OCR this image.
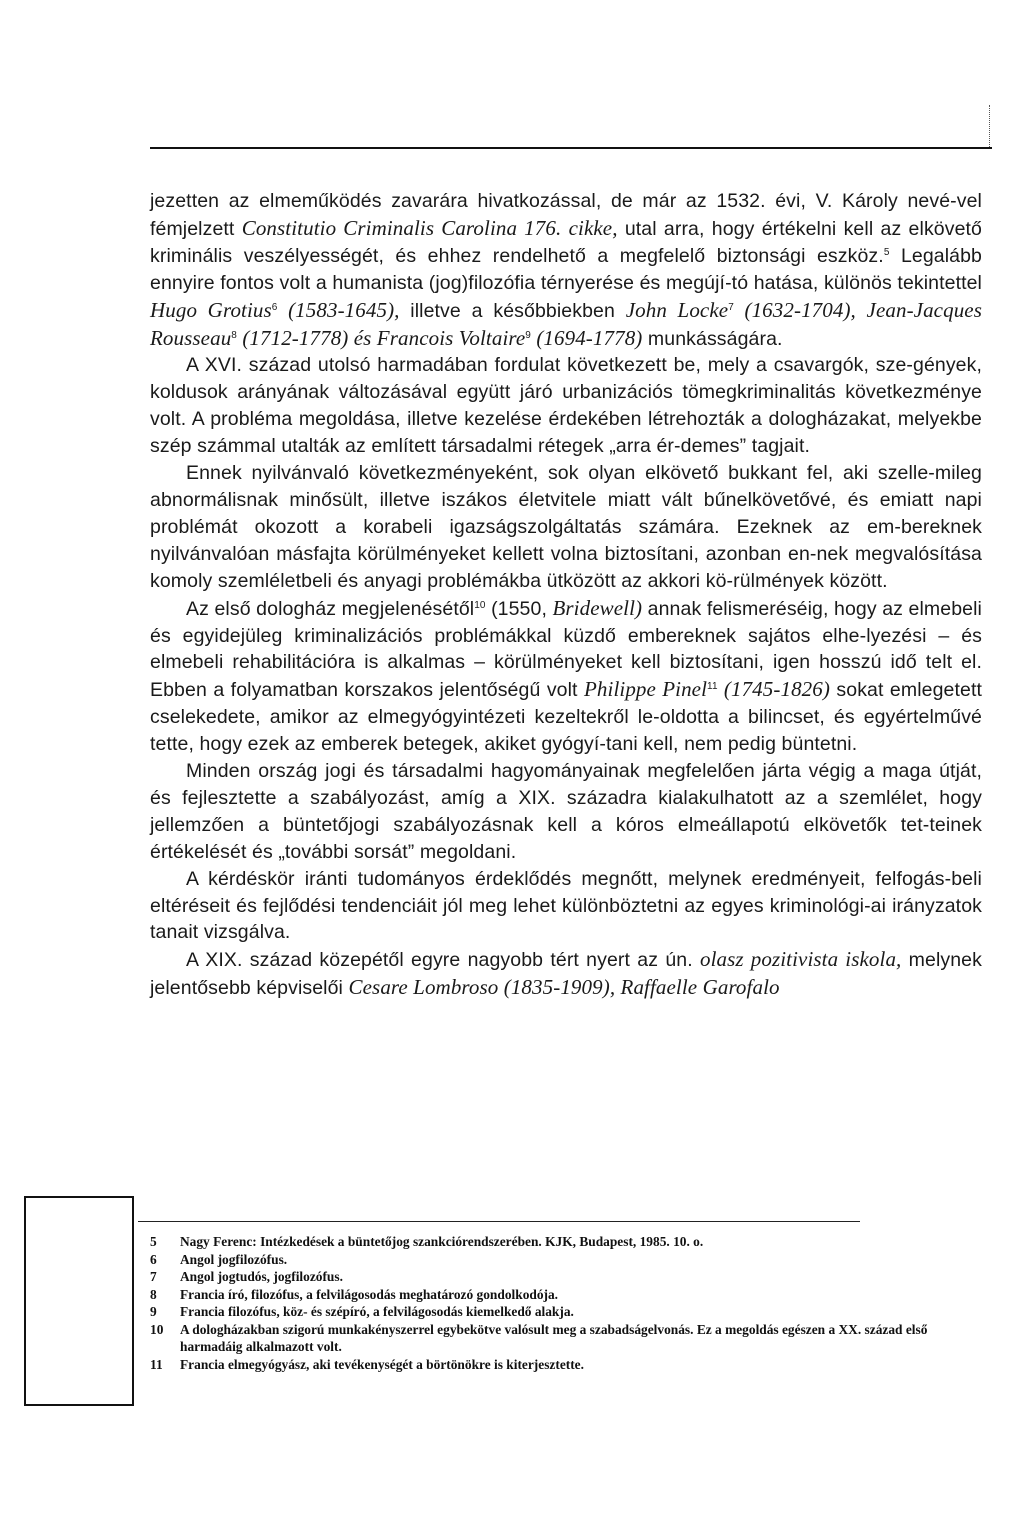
jezetten az elmeműködés zavarára hivatkozással, de már az 1532. évi, V. Károly nevé-vel fémjelzett Constitutio Criminalis Carolina 176. cikke, utal arra, hogy értékelni kell az elkövető kriminális veszélyességét, és ehhez rendelhető a megfelelő biztonsági eszköz.$^5$ Legalább ennyire fontos volt a humanista (jog)filozófia térnyerése és megújí-tó hatása, különös tekintettel Hugo Grotius$^6$ (1583-1645), illetve a későbbiekben John Locke$^7$ (1632-1704), Jean-Jacques Rousseau$^8$ (1712-1778) és Francois Voltaire$^9$ (1694-1778) munkásságára.

A XVI. század utolsó harmadában fordulat következett be, mely a csavargók, sze-gények, koldusok arányának változásával együtt járó urbanizációs tömegkriminalitás következménye volt. A probléma megoldása, illetve kezelése érdekében létrehozták a dologházakat, melyekbe szép számmal utalták az említett társadalmi rétegek „arra ér-demes” tagjait.

Ennek nyilvánvaló következményeként, sok olyan elkövető bukkant fel, aki szelle-mileg abnormálisnak minősült, illetve iszákos életvitele miatt vált bűnelkövetővé, és emiatt napi problémát okozott a korabeli igazságszolgáltatás számára. Ezeknek az em-bereknek nyilvánvalóan másfajta körülményeket kellett volna biztosítani, azonban en-nek megvalósítása komoly szemléletbeli és anyagi problémákba ütközött az akkori kö-rülmények között.

Az első dologház megjelenésétől$^{10}$ (1550, Bridewell) annak felismeréséig, hogy az elmebeli és egyidejüleg kriminalizációs problémákkal küzdő embereknek sajátos elhe-lyezési – és elmebeli rehabilitációra is alkalmas – körülményeket kell biztosítani, igen hosszú idő telt el. Ebben a folyamatban korszakos jelentőségű volt Philippe Pinel$^{11}$ (1745-1826) sokat emlegetett cselekedete, amikor az elmegyógyintézeti kezeltekről le-oldotta a bilincset, és egyértelművé tette, hogy ezek az emberek betegek, akiket gyógyí-tani kell, nem pedig büntetni.

Minden ország jogi és társadalmi hagyományainak megfelelően járta végig a maga útját, és fejlesztette a szabályozást, amíg a XIX. századra kialakulhatott az a szemlélet, hogy jellemzően a büntetőjogi szabályozásnak kell a kóros elmeállapotú elkövetők tet-teinek értékelését és „további sorsát” megoldani.

A kérdéskör iránti tudományos érdeklődés megnőtt, melynek eredményeit, felfogás-beli eltéréseit és fejlődési tendenciáit jól meg lehet különböztetni az egyes kriminológi-ai irányzatok tanait vizsgálva.

A XIX. század közepétől egyre nagyobb tért nyert az ún. olasz pozitivista iskola, melynek jelentősebb képviselői Cesare Lombroso (1835-1909), Raffaelle Garofalo

5	Nagy Ferenc: Intézkedések a büntetőjog szankciórendszerében. KJK, Budapest, 1985. 10. o.
6	Angol jogfilozófus.
7	Angol jogtudós, jogfilozófus.
8	Francia író, filozófus, a felvilágosodás meghatározó gondolkodója.
9	Francia filozófus, köz- és szépíró, a felvilágosodás kiemelkedő alakja.
10	A dologházakban szigorú munkakényszerrel egybekötve valósult meg a szabadságelvonás. Ez a megoldás egészen a XX. század első harmadáig alkalmazott volt.
11	Francia elmegyógyász, aki tevékenységét a börtönökre is kiterjesztette.
